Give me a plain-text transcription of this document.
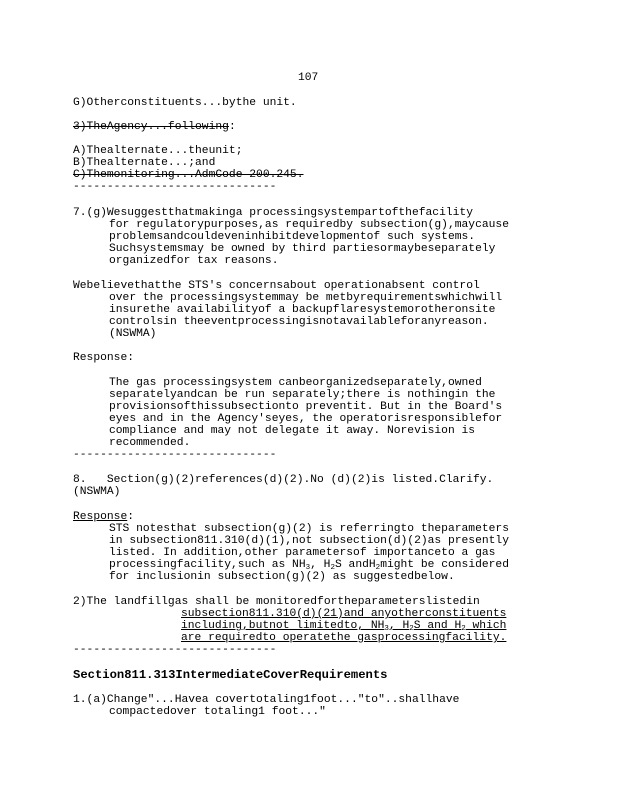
107
G)Otherconstituents...bythe unit.
3)TheAgency...following:
A)Thealternate...theunit;
B)Thealternate...;and
C)Themonitoring...AdmCode 200.245.
------------------------------
7.(g)Wesuggestthatmakinga processingsystempartofthefacility
for regulatorypurposes,as requiredby subsection(g),maycause
problemsandcouldeveninhibitdevelopmentof such systems.
Suchsystemsmay be owned by third partiesormaybeseparately
organizedfor tax reasons.
Webelievethatthe STS's concernsabout operationabsent control
over the processingsystemmay be metbyrequirementswhichwill
insurethe availabilityof a backupflaresystemorotheronsite
controlsin theeventprocessingisnotavailableforanyreason.
(NSWMA)
Response:
The gas processingsystem canbeorganizedseparately,owned
separatelyandcan be run separately;there is nothingin the
provisionsofthissubsectionto preventit. But in the Board's
eyes and in the Agency'seyes, the operatorisresponsiblefor
compliance and may not delegate it away. Norevision is
recommended.
------------------------------
8.   Section(g)(2)references(d)(2).No (d)(2)is listed.Clarify.
(NSWMA)
Response:
STS notesthat subsection(g)(2) is referringto theparameters
in subsection811.310(d)(1),not subsection(d)(2)as presently
listed. In addition,other parametersof importanceto a gas
processingfacility,such as $NH_3$, $H_2S$ andH$_2$might be considered
for inclusionin subsection(g)(2) as suggestedbelow.
2)The landfillgas shall be monitoredfortheparameterslistedin
subsection811.310(d)(21)and anyotherconstituents
including,butnot limitedto, $NH_3$, $H_2S$ and $H_2$ which
are requiredto operatethe gasprocessingfacility.
------------------------------
Section811.313IntermediateCoverRequirements
1.(a)Change"...Havea covertotaling1foot..."to"..shallhave
compactedover totaling1 foot..."
